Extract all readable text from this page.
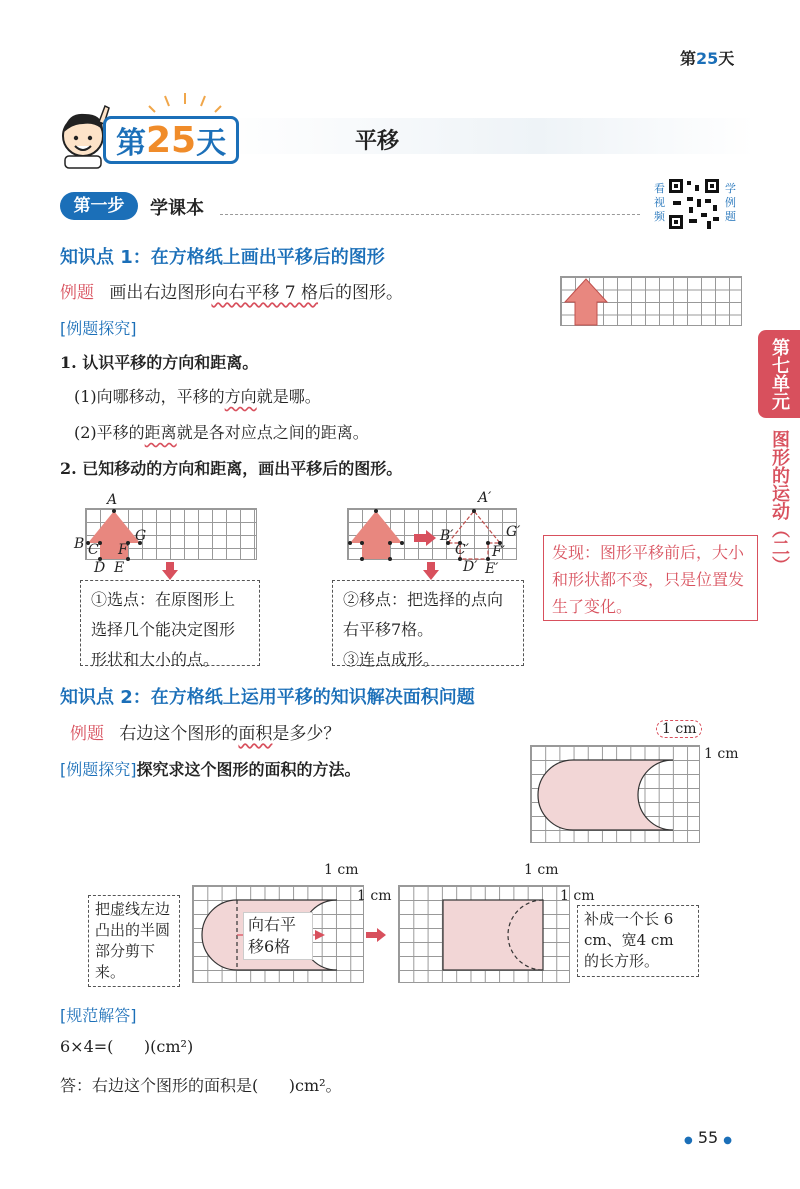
第25天
第 25 天	平移
第一步	学课本
看
视
频
学
例
题
第七单元
图形的运动（二）
知识点 1：在方格纸上画出平移后的图形
例题 画出右边图形向右平移 7 格后的图形。
[例题探究]
1. 认识平移的方向和距离。
(1)向哪移动，平移的方向就是哪。
(2)平移的距离就是各对应点之间的距离。
2. 已知移动的方向和距离，画出平移后的图形。
A
B C
D E
F
G
①选点：在原图形上选择几个能决定图形形状和大小的点。
A′
B′
C′
D′ E′
F′
G′
②移点：把选择的点向右平移7格。
③连点成形。
发现：图形平移前后，大小和形状都不变，只是位置发生了变化。
知识点 2：在方格纸上运用平移的知识解决面积问题
例题 右边这个图形的面积是多少？
[例题探究]探究求这个图形的面积的方法。
1 cm
1 cm
把虚线左边凸出的半圆部分剪下来。
向右平移6格
1 cm
1 cm
1 cm
1 cm
补成一个长 6 cm、宽4 cm 的长方形。
[规范解答]
6×4=(      )(cm²)
答：右边这个图形的面积是(      )cm²。
● 55 ●
